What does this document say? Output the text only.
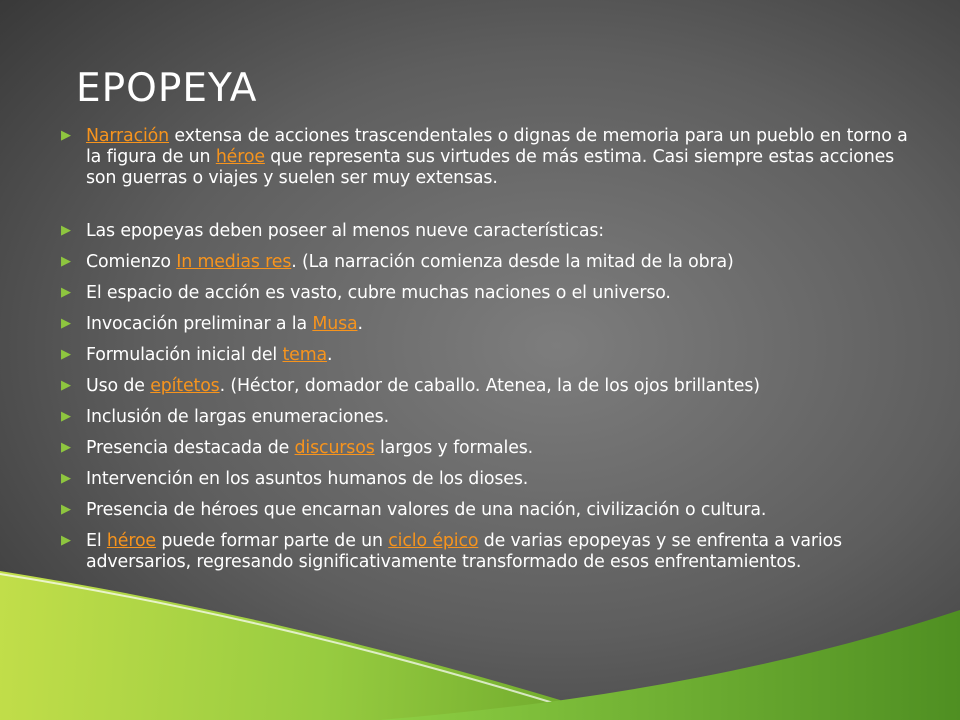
EPOPEYA
▶ Narración extensa de acciones trascendentales o dignas de memoria para un pueblo en torno a la figura de un héroe que representa sus virtudes de más estima. Casi siempre estas acciones son guerras o viajes y suelen ser muy extensas.
▶ Las epopeyas deben poseer al menos nueve características:
▶ Comienzo In medias res. (La narración comienza desde la mitad de la obra)
▶ El espacio de acción es vasto, cubre muchas naciones o el universo.
▶ Invocación preliminar a la Musa.
▶ Formulación inicial del tema.
▶ Uso de epítetos. (Héctor, domador de caballo. Atenea, la de los ojos brillantes)
▶ Inclusión de largas enumeraciones.
▶ Presencia destacada de discursos largos y formales.
▶ Intervención en los asuntos humanos de los dioses.
▶ Presencia de héroes que encarnan valores de una nación, civilización o cultura.
▶ El héroe puede formar parte de un ciclo épico de varias epopeyas y se enfrenta a varios adversarios, regresando significativamente transformado de esos enfrentamientos.
